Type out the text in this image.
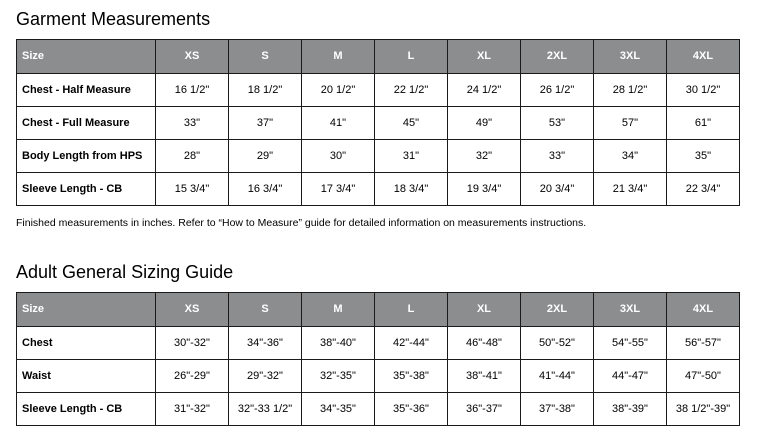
Garment Measurements
Size	XS	S	M	L	XL	2XL	3XL	4XL
Chest - Half Measure	16 1/2"	18 1/2"	20 1/2"	22 1/2"	24 1/2"	26 1/2"	28 1/2"	30 1/2"
Chest - Full Measure	33"	37"	41"	45"	49"	53"	57"	61"
Body Length from HPS	28"	29"	30"	31"	32"	33"	34"	35"
Sleeve Length - CB	15 3/4"	16 3/4"	17 3/4"	18 3/4"	19 3/4"	20 3/4"	21 3/4"	22 3/4"
Finished measurements in inches. Refer to “How to Measure” guide for detailed information on measurements instructions.
Adult General Sizing Guide
Size	XS	S	M	L	XL	2XL	3XL	4XL
Chest	30"-32"	34"-36"	38"-40"	42"-44"	46"-48"	50"-52"	54"-55"	56"-57"
Waist	26"-29"	29"-32"	32"-35"	35"-38"	38"-41"	41"-44"	44"-47"	47"-50"
Sleeve Length - CB	31"-32"	32"-33 1/2"	34"-35"	35"-36"	36"-37"	37"-38"	38"-39"	38 1/2"-39"
